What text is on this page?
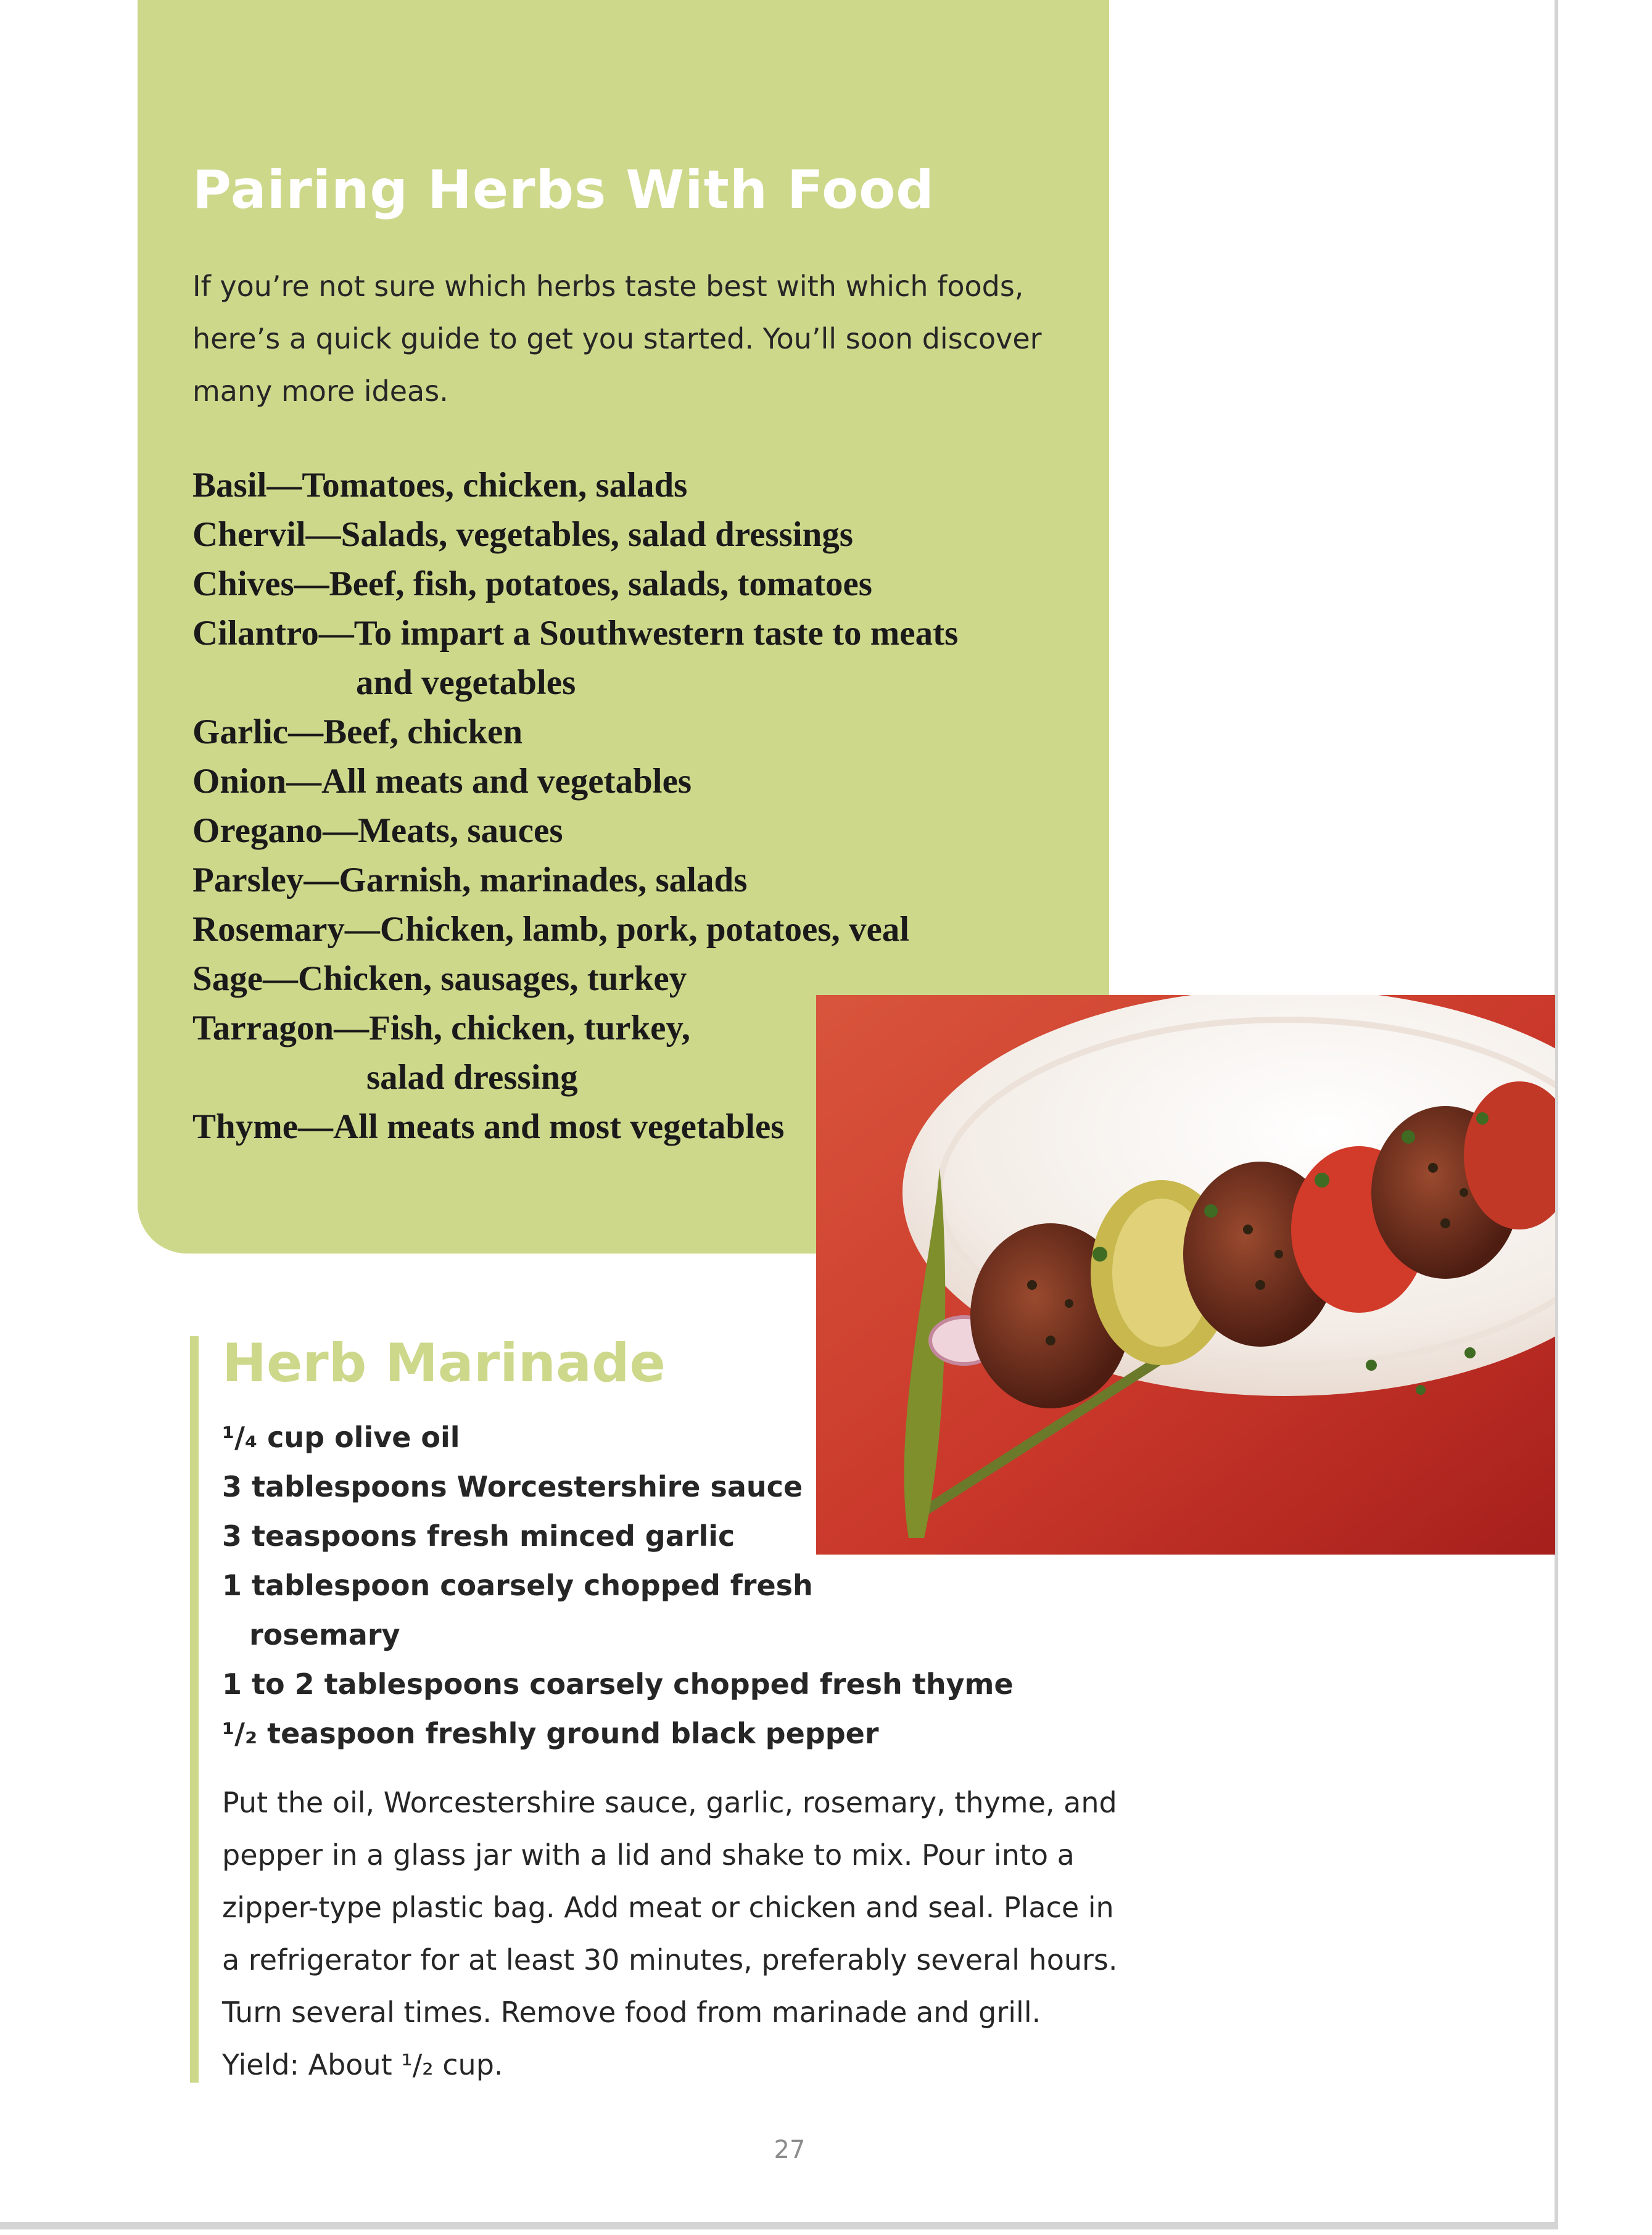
Pairing Herbs With Food

If you’re not sure which herbs taste best with which foods, here’s a quick guide to get you started. You’ll soon discover many more ideas.

Basil—Tomatoes, chicken, salads
Chervil—Salads, vegetables, salad dressings
Chives—Beef, fish, potatoes, salads, tomatoes
Cilantro—To impart a Southwestern taste to meats
and vegetables
Garlic—Beef, chicken
Onion—All meats and vegetables
Oregano—Meats, sauces
Parsley—Garnish, marinades, salads
Rosemary—Chicken, lamb, pork, potatoes, veal
Sage—Chicken, sausages, turkey
Tarragon—Fish, chicken, turkey,
salad dressing
Thyme—All meats and most vegetables
Herb Marinade
¹/₄ cup olive oil
3 tablespoons Worcestershire sauce
3 teaspoons fresh minced garlic
1 tablespoon coarsely chopped fresh
rosemary
1 to 2 tablespoons coarsely chopped fresh thyme
¹/₂ teaspoon freshly ground black pepper

Put the oil, Worcestershire sauce, garlic, rosemary, thyme, and
pepper in a glass jar with a lid and shake to mix. Pour into a
zipper-type plastic bag. Add meat or chicken and seal. Place in
a refrigerator for at least 30 minutes, preferably several hours.
Turn several times. Remove food from marinade and grill.
Yield: About ¹/₂ cup.

27
